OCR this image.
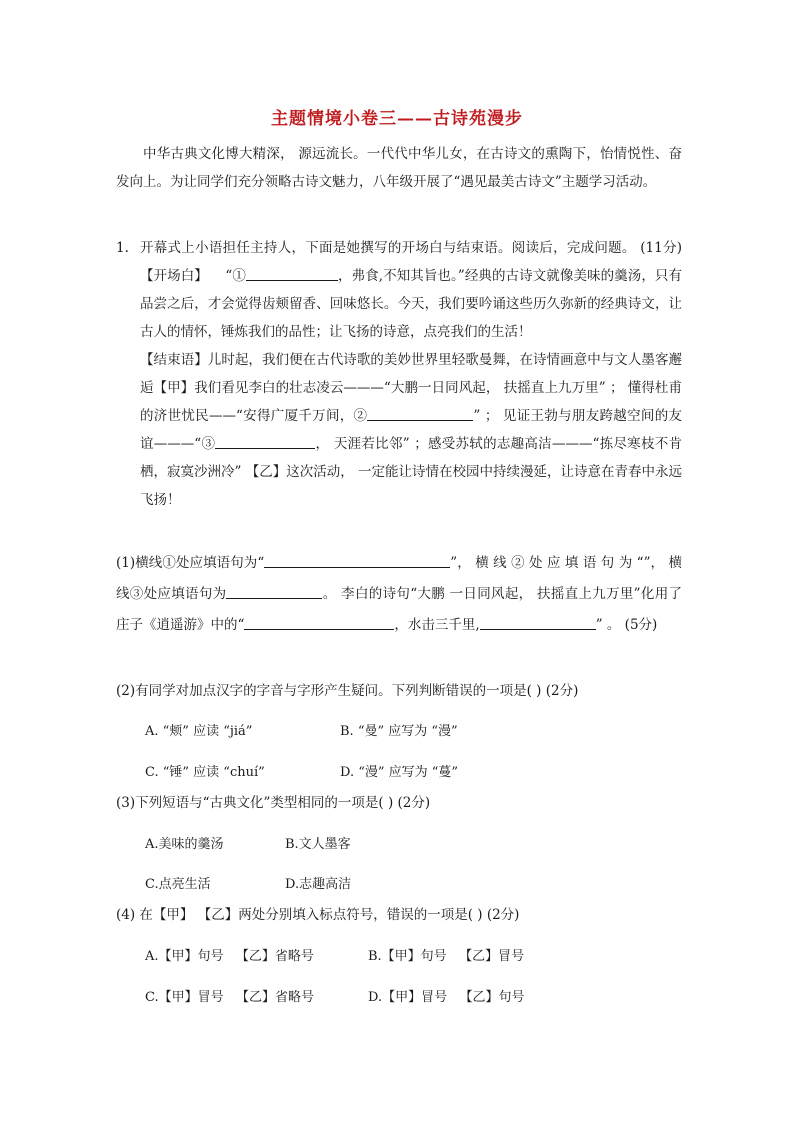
主题情境小卷三——古诗苑漫步
中华古典文化博大精深， 源远流长。一代代中华儿女，在古诗文的熏陶下，怡情悦性、奋发向上。为让同学们充分领略古诗文魅力，八年级开展了“遇见最美古诗文”主题学习活动。
1. 开幕式上小语担任主持人，下面是她撰写的开场白与结束语。阅读后，完成问题。 (11分)【开场白】 “①	，弗食,不知其旨也。”经典的古诗文就像美味的羹汤，只有品尝之后，才会觉得齿颊留香、回味悠长。今天，我们要吟诵这些历久弥新的经典诗文，让古人的情怀，锤炼我们的品性；让飞扬的诗意，点亮我们的生活！

【结束语】儿时起，我们便在古代诗歌的美妙世界里轻歌曼舞，在诗情画意中与文人墨客邂逅【甲】我们看见李白的壮志凌云———“大鹏一日同风起， 扶摇直上九万里” ； 懂得杜甫的济世忧民——“安得广厦千万间，②	” ； 见证王勃与朋友跨越空间的友谊———“③	， 天涯若比邻” ；感受苏轼的志趣高洁———“拣尽寒枝不肯栖，寂寞沙洲冷” 【乙】这次活动， 一定能让诗情在校园中持续漫延，让诗意在青春中永远飞扬！

(1)横线①处应填语句为“	”， 横 线 ② 处 应 填 语 句 为 “”， 横线③处应填语句为	。 李白的诗句“大鹏 一日同风起， 扶摇直上九万里”化用了庄子《逍遥游》中的“	，水击三千里,	” 。 (5分)
(2)有同学对加点汉字的字音与字形产生疑问。下列判断错误的一项是( ) (2分)
A. “颊” 应读 “jiá”	B. “曼” 应写为 “漫”
C. “锤” 应读 “chuí”	D. “漫” 应写为 “蔓”
(3)下列短语与“古典文化”类型相同的一项是( ) (2分)
A.美味的羹汤	B.文人墨客
C.点亮生活	D.志趣高洁
(4) 在【甲】 【乙】两处分别填入标点符号，错误的一项是( ) (2分)
A.【甲】句号   【乙】省略号	B.【甲】句号   【乙】冒号
C.【甲】冒号   【乙】省略号	D.【甲】冒号   【乙】句号
